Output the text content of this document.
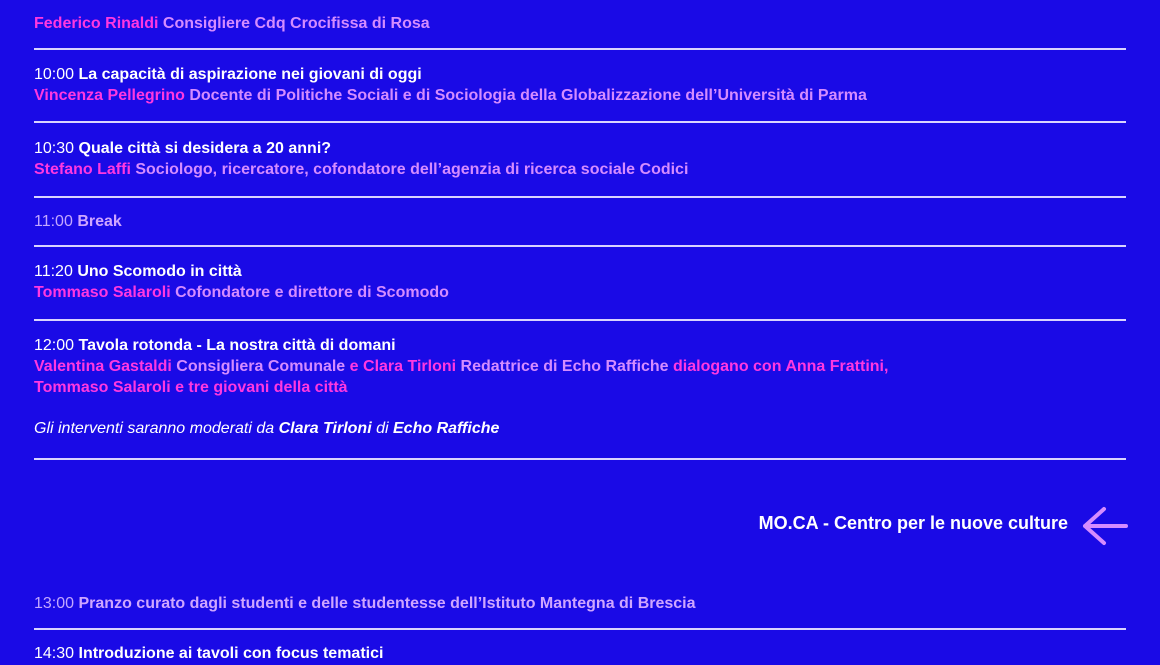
Federico Rinaldi Consigliere Cdq Crocifissa di Rosa
10:00 La capacità di aspirazione nei giovani di oggi
Vincenza Pellegrino Docente di Politiche Sociali e di Sociologia della Globalizzazione dell’Università di Parma
10:30 Quale città si desidera a 20 anni?
Stefano Laffi Sociologo, ricercatore, cofondatore dell’agenzia di ricerca sociale Codici
11:00 Break
11:20 Uno Scomodo in città
Tommaso Salaroli Cofondatore e direttore di Scomodo
12:00 Tavola rotonda - La nostra città di domani
Valentina Gastaldi Consigliera Comunale e Clara Tirloni Redattrice di Echo Raffiche dialogano con Anna Frattini,
Tommaso Salaroli e tre giovani della città
Gli interventi saranno moderati da Clara Tirloni di Echo Raffiche
MO.CA - Centro per le nuove culture
13:00 Pranzo curato dagli studenti e delle studentesse dell’Istituto Mantegna di Brescia
14:30 Introduzione ai tavoli con focus tematici
